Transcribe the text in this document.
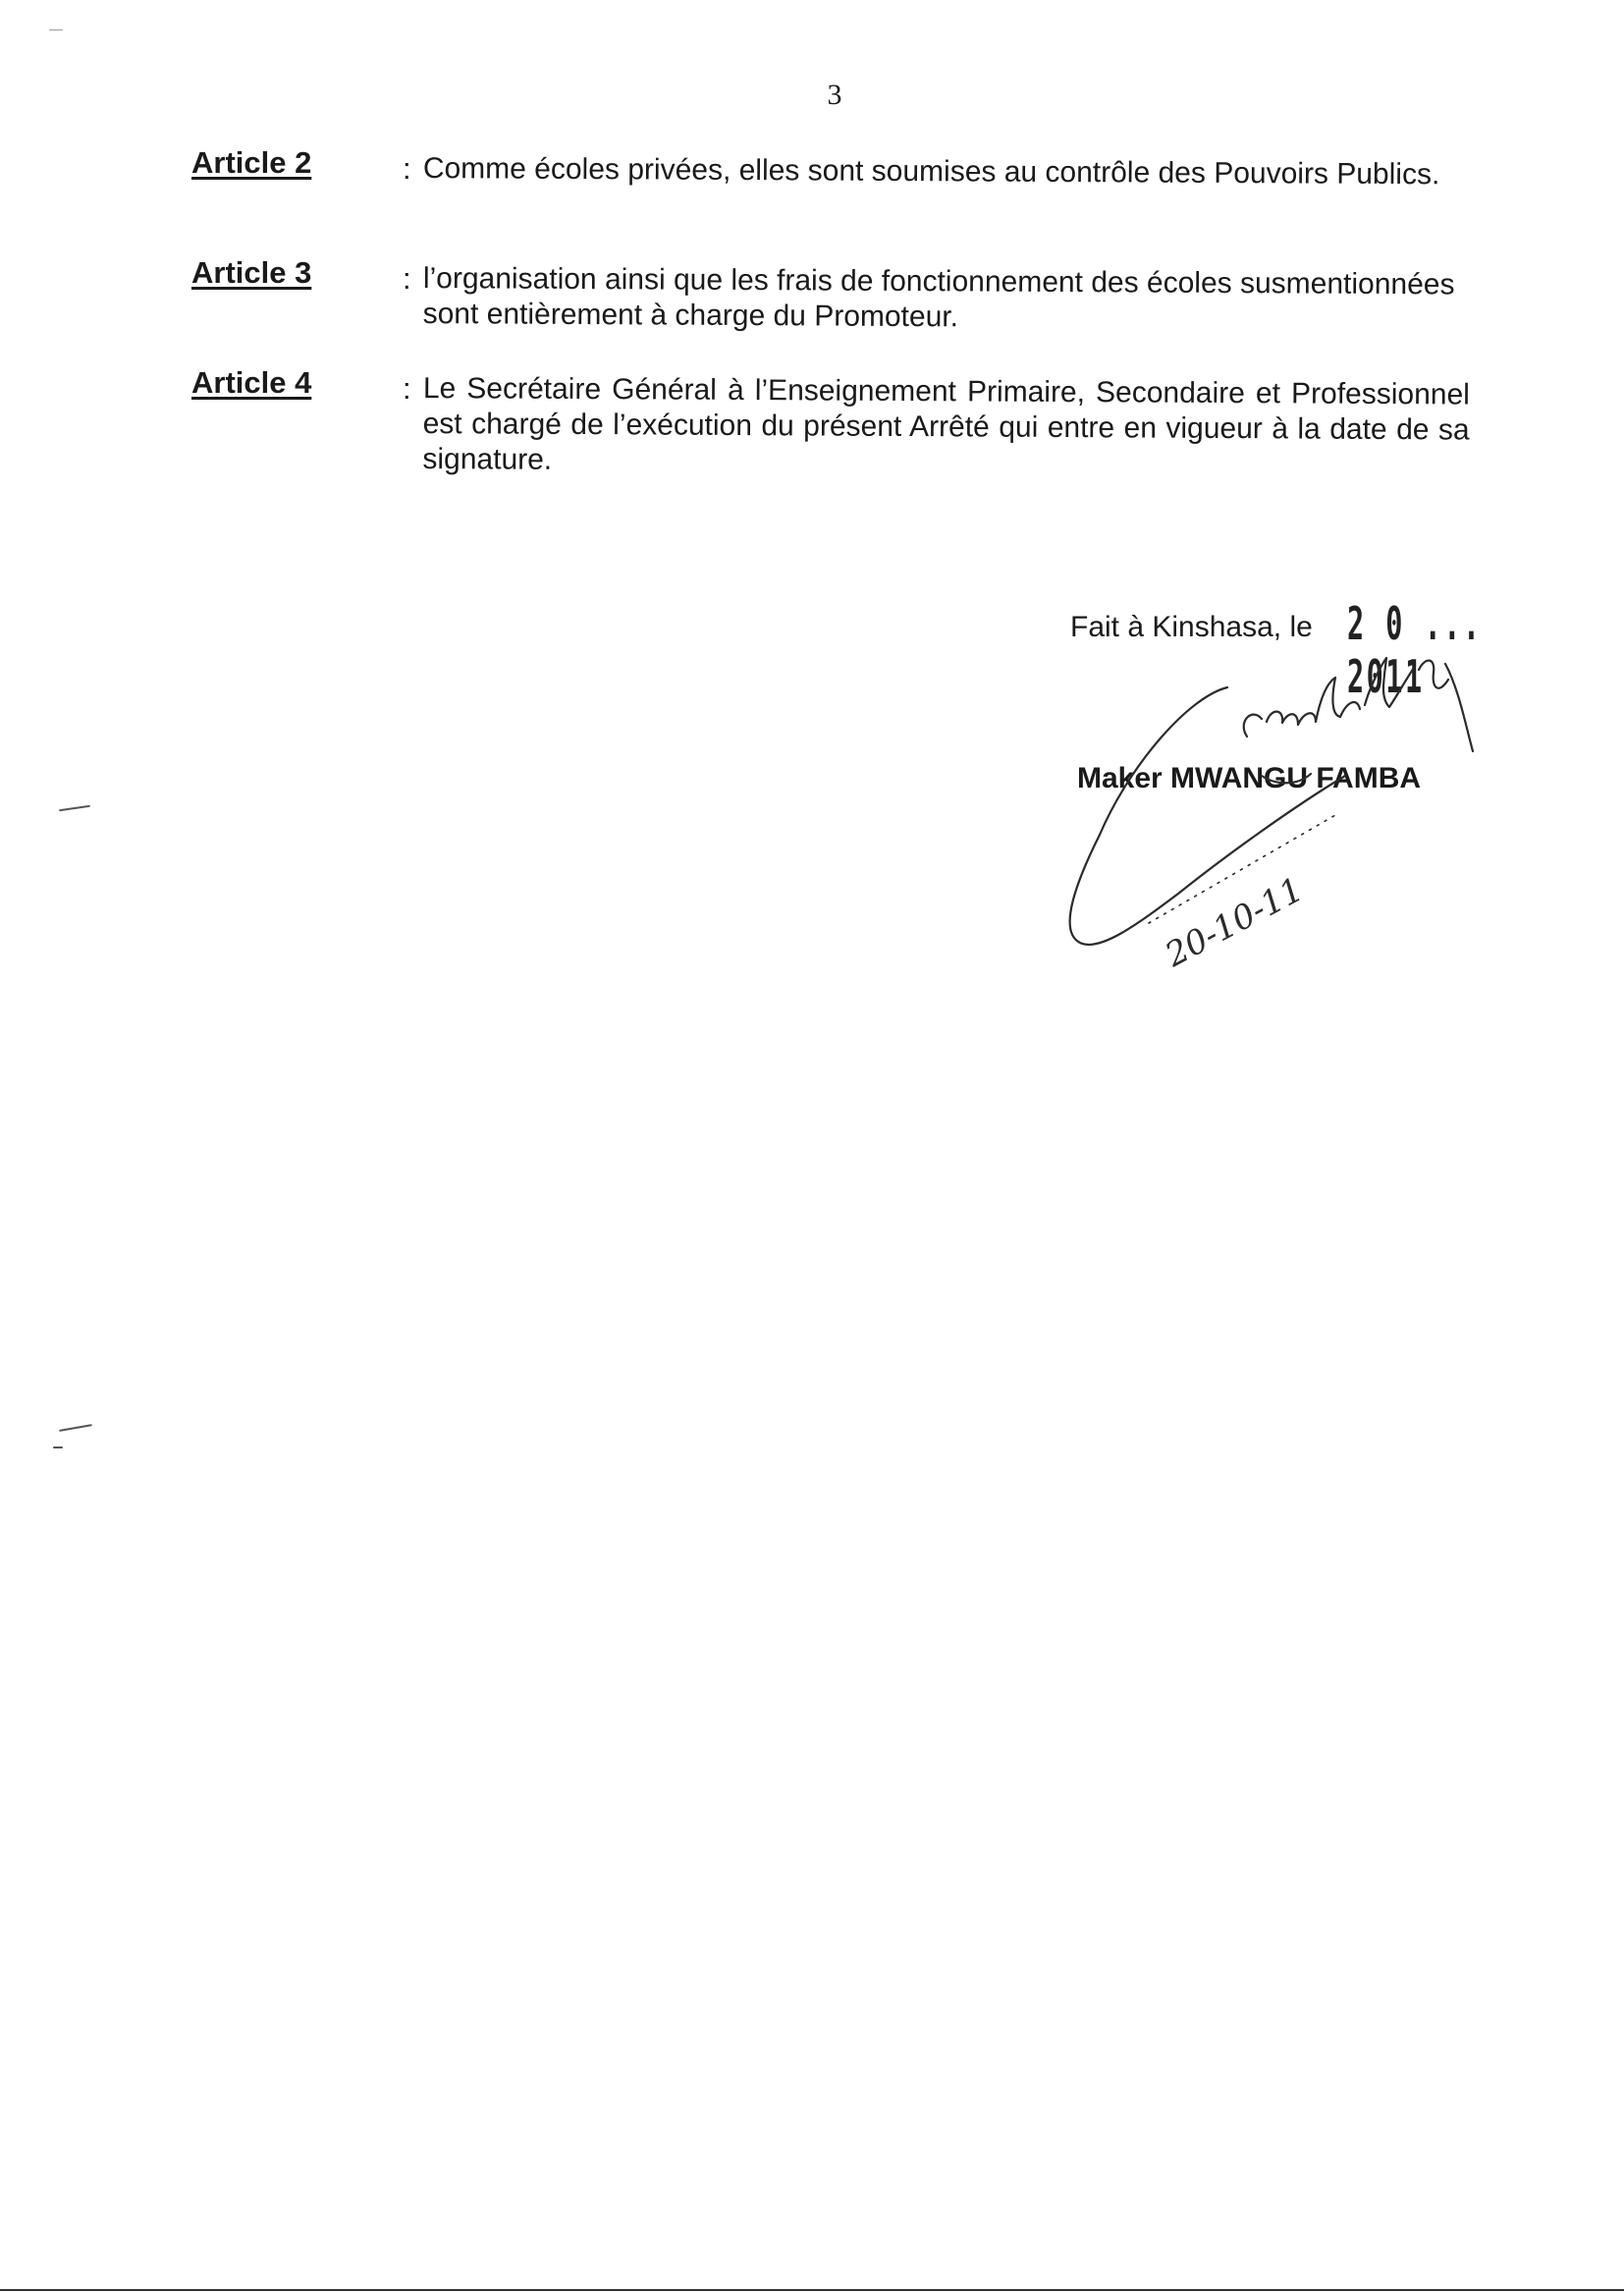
3
Article 2	: Comme écoles privées, elles sont soumises au contrôle des Pouvoirs Publics.
Article 3	: l’organisation ainsi que les frais de fonctionnement des écoles susmentionnées sont entièrement à charge du Promoteur.
Article 4	: Le Secrétaire Général à l’Enseignement Primaire, Secondaire et Professionnel est chargé de l’exécution du présent Arrêté qui entre en vigueur à la date de sa signature.
Fait à Kinshasa, le 2 0 ... 2011
Maker MWANGU FAMBA
20-10-11
